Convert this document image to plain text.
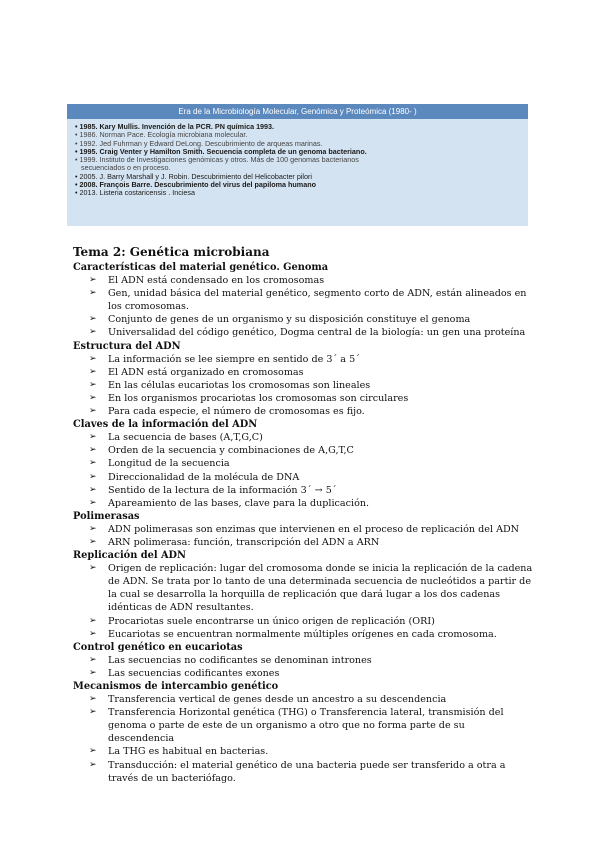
Era de la Microbiología Molecular, Genómica y Proteómica (1980- )
• 1985. Kary Mullis. Invención de la PCR. PN química 1993.
• 1986. Norman Pace. Ecología microbiana molecular.
• 1992. Jed Fuhrman y Edward DeLong. Descubrimiento de arqueas marinas.
• 1995. Craig Venter y Hamilton Smith. Secuencia completa de un genoma bacteriano.
• 1999. Instituto de Investigaciones genómicas y otros. Más de 100 genomas bacterianos
secuenciados o en proceso.
• 2005. J. Barry Marshall y J. Robin. Descubrimiento del Helicobacter pilori
• 2008. François Barre. Descubrimiento del virus del papiloma humano
• 2013. Listeria costaricensis . Inciesa
Tema 2: Genética microbiana
Características del material genético. Genoma
➢ El ADN está condensado en los cromosomas
➢ Gen, unidad básica del material genético, segmento corto de ADN, están alineados en los cromosomas.
➢ Conjunto de genes de un organismo y su disposición constituye el genoma
➢ Universalidad del código genético, Dogma central de la biología: un gen una proteína
Estructura del ADN
➢ La información se lee siempre en sentido de 3´ a 5´
➢ El ADN está organizado en cromosomas
➢ En las células eucariotas los cromosomas son lineales
➢ En los organismos procariotas los cromosomas son circulares
➢ Para cada especie, el número de cromosomas es fijo.
Claves de la información del ADN
➢ La secuencia de bases (A,T,G,C)
➢ Orden de la secuencia y combinaciones de A,G,T,C
➢ Longitud de la secuencia
➢ Direccionalidad de la molécula de DNA
➢ Sentido de la lectura de la información 3´ → 5´
➢ Apareamiento de las bases, clave para la duplicación.
Polimerasas
➢ ADN polimerasas son enzimas que intervienen en el proceso de replicación del ADN
➢ ARN polimerasa: función, transcripción del ADN a ARN
Replicación del ADN
➢ Origen de replicación: lugar del cromosoma donde se inicia la replicación de la cadena de ADN. Se trata por lo tanto de una determinada secuencia de nucleótidos a partir de la cual se desarrolla la horquilla de replicación que dará lugar a los dos cadenas idénticas de ADN resultantes.
➢ Procariotas suele encontrarse un único origen de replicación (ORI)
➢ Eucariotas se encuentran normalmente múltiples orígenes en cada cromosoma.
Control genético en eucariotas
➢ Las secuencias no codificantes se denominan intrones
➢ Las secuencias codificantes exones
Mecanismos de intercambio genético
➢ Transferencia vertical de genes desde un ancestro a su descendencia
➢ Transferencia Horizontal genética (THG) o Transferencia lateral, transmisión del genoma o parte de este de un organismo a otro que no forma parte de su descendencia
➢ La THG es habitual en bacterias.
➢ Transducción: el material genético de una bacteria puede ser transferido a otra a través de un bacteriófago.
